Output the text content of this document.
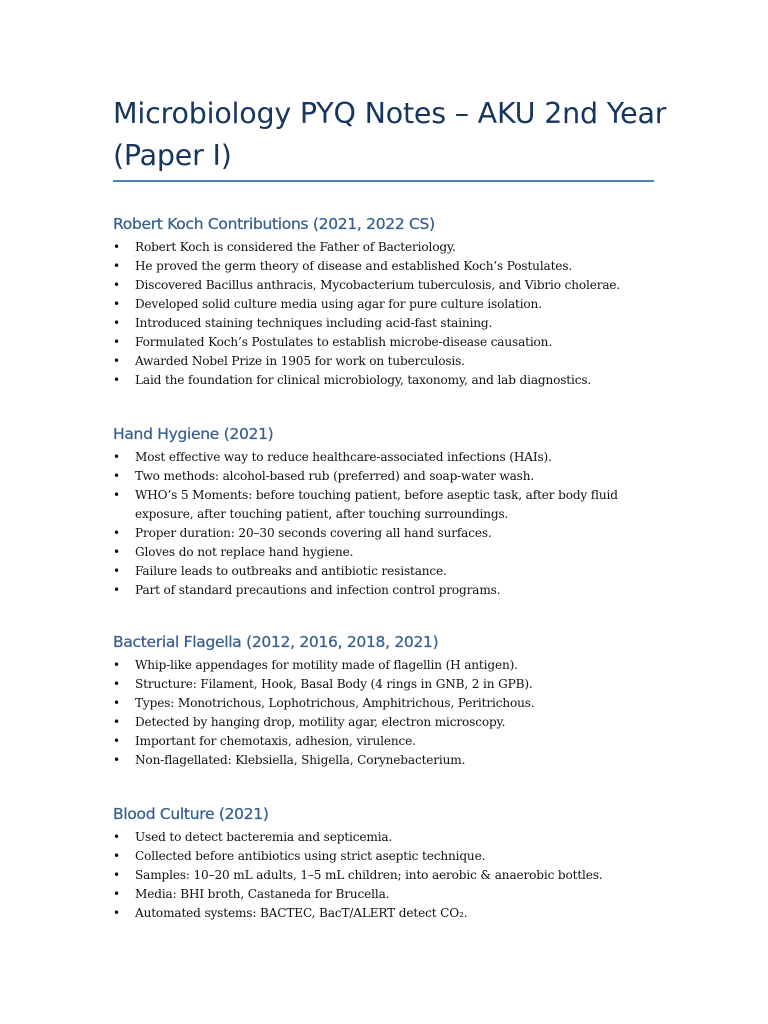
Microbiology PYQ Notes – AKU 2nd Year (Paper I)
Robert Koch Contributions (2021, 2022 CS)
• Robert Koch is considered the Father of Bacteriology.
• He proved the germ theory of disease and established Koch’s Postulates.
• Discovered Bacillus anthracis, Mycobacterium tuberculosis, and Vibrio cholerae.
• Developed solid culture media using agar for pure culture isolation.
• Introduced staining techniques including acid-fast staining.
• Formulated Koch’s Postulates to establish microbe-disease causation.
• Awarded Nobel Prize in 1905 for work on tuberculosis.
• Laid the foundation for clinical microbiology, taxonomy, and lab diagnostics.
Hand Hygiene (2021)
• Most effective way to reduce healthcare-associated infections (HAIs).
• Two methods: alcohol-based rub (preferred) and soap-water wash.
• WHO’s 5 Moments: before touching patient, before aseptic task, after body fluid exposure, after touching patient, after touching surroundings.
• Proper duration: 20–30 seconds covering all hand surfaces.
• Gloves do not replace hand hygiene.
• Failure leads to outbreaks and antibiotic resistance.
• Part of standard precautions and infection control programs.
Bacterial Flagella (2012, 2016, 2018, 2021)
• Whip-like appendages for motility made of flagellin (H antigen).
• Structure: Filament, Hook, Basal Body (4 rings in GNB, 2 in GPB).
• Types: Monotrichous, Lophotrichous, Amphitrichous, Peritrichous.
• Detected by hanging drop, motility agar, electron microscopy.
• Important for chemotaxis, adhesion, virulence.
• Non-flagellated: Klebsiella, Shigella, Corynebacterium.
Blood Culture (2021)
• Used to detect bacteremia and septicemia.
• Collected before antibiotics using strict aseptic technique.
• Samples: 10–20 mL adults, 1–5 mL children; into aerobic & anaerobic bottles.
• Media: BHI broth, Castaneda for Brucella.
• Automated systems: BACTEC, BacT/ALERT detect CO₂.
